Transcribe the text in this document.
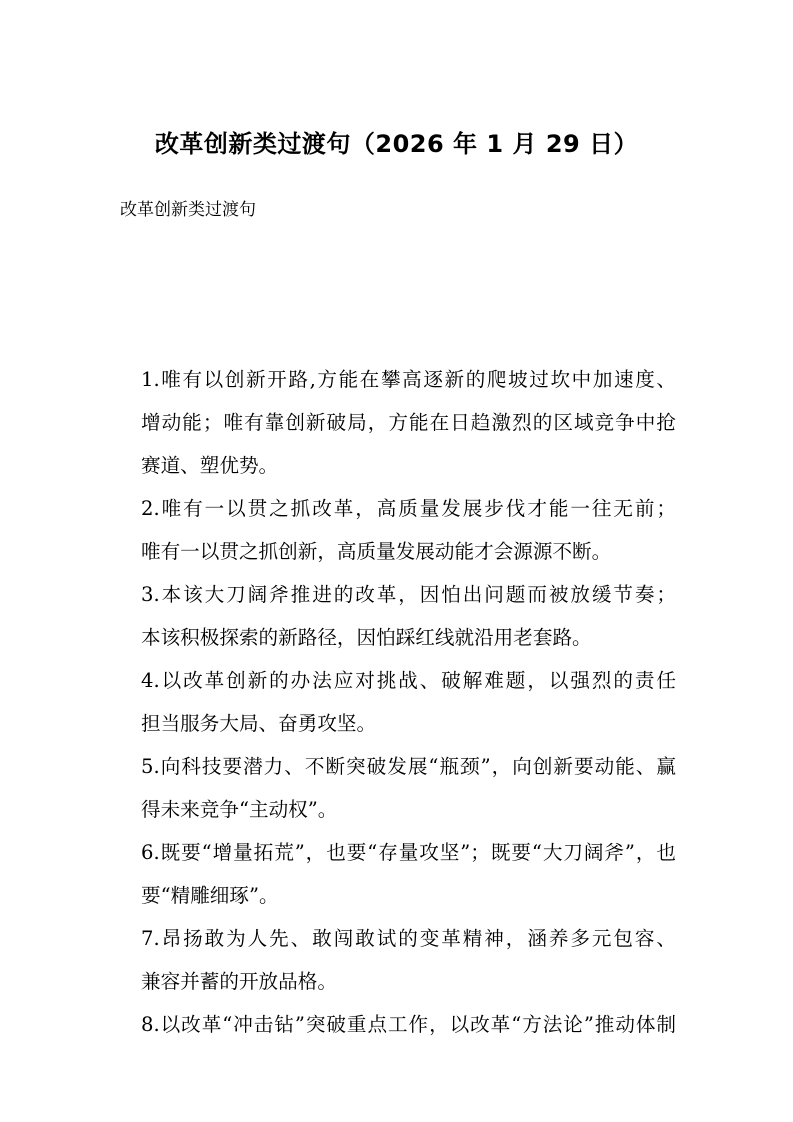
改革创新类过渡句（2026 年 1 月 29 日）

改革创新类过渡句

1.唯有以创新开路,方能在攀高逐新的爬坡过坎中加速度、
增动能；唯有靠创新破局，方能在日趋激烈的区域竞争中抢
赛道、塑优势。

2.唯有一以贯之抓改革，高质量发展步伐才能一往无前；
唯有一以贯之抓创新，高质量发展动能才会源源不断。

3.本该大刀阔斧推进的改革，因怕出问题而被放缓节奏；
本该积极探索的新路径，因怕踩红线就沿用老套路。

4.以改革创新的办法应对挑战、破解难题，以强烈的责任
担当服务大局、奋勇攻坚。

5.向科技要潜力、不断突破发展“瓶颈”，向创新要动能、赢
得未来竞争“主动权”。

6.既要“增量拓荒”，也要“存量攻坚”；既要“大刀阔斧”，也
要“精雕细琢”。

7.昂扬敢为人先、敢闯敢试的变革精神，涵养多元包容、
兼容并蓄的开放品格。

8.以改革“冲击钻”突破重点工作，以改革“方法论”推动体制
